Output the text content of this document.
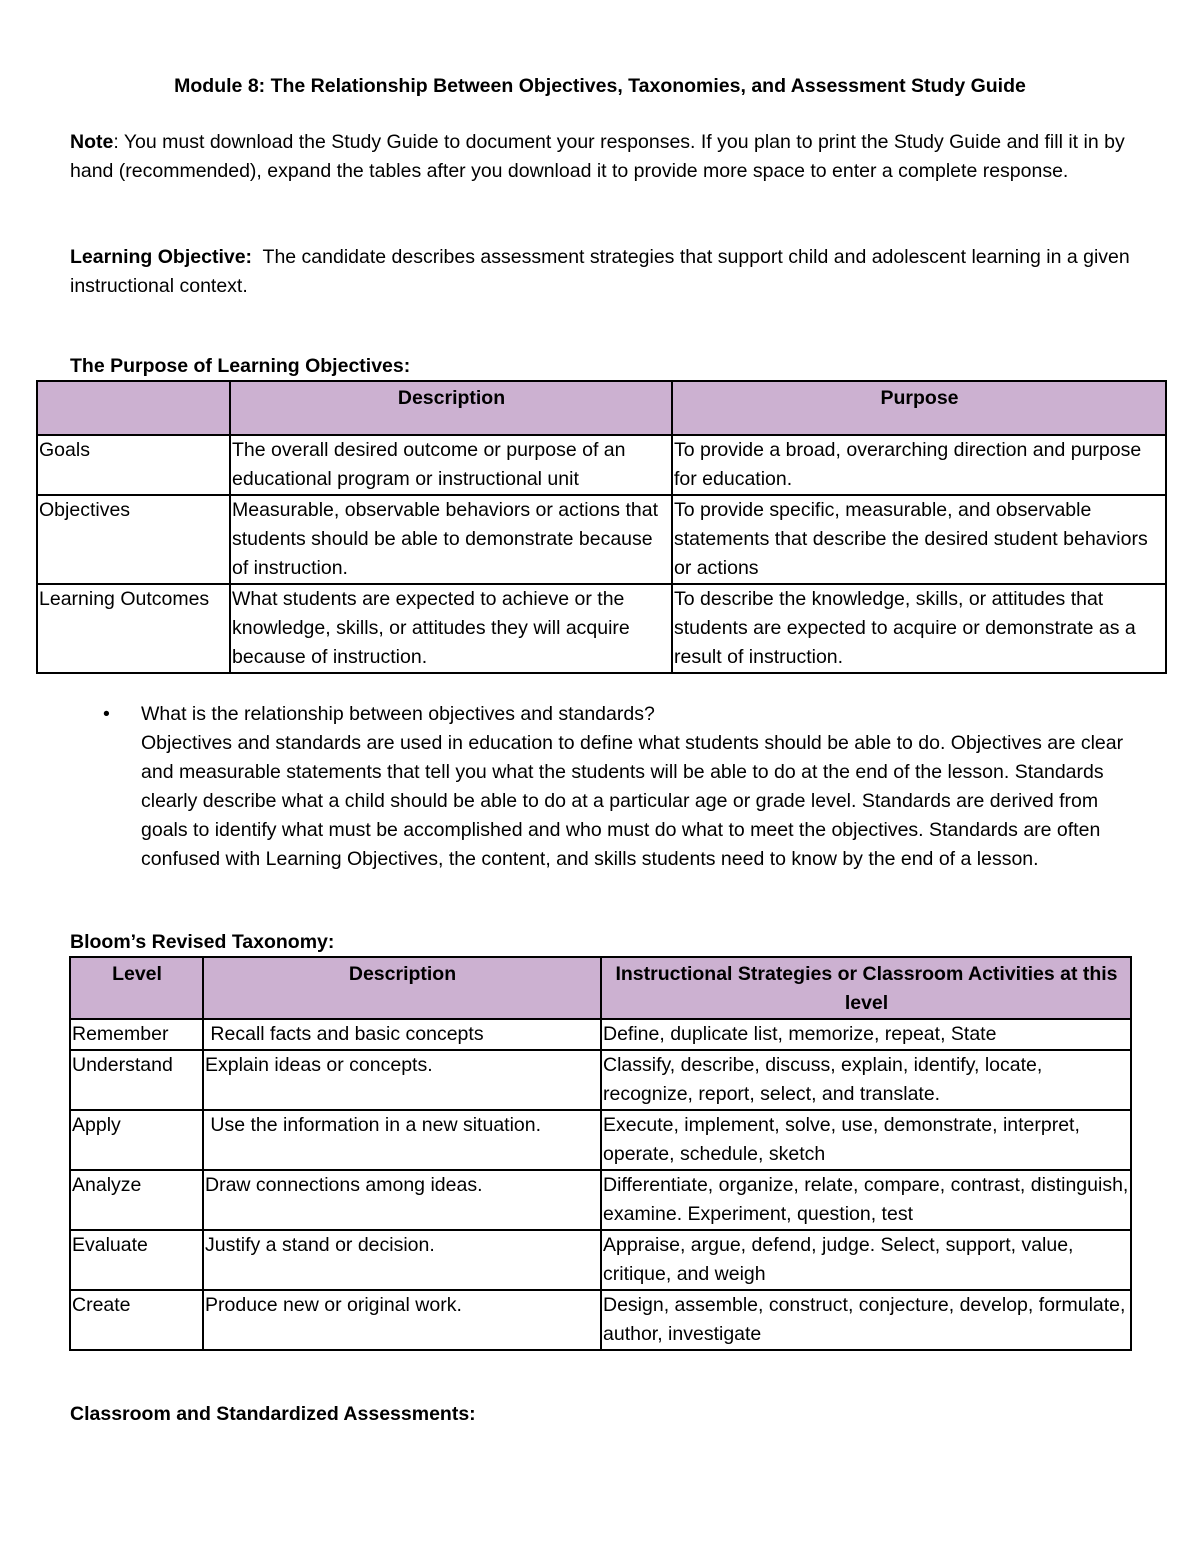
Module 8: The Relationship Between Objectives, Taxonomies, and Assessment Study Guide
Note: You must download the Study Guide to document your responses. If you plan to print the Study Guide and fill it in by hand (recommended), expand the tables after you download it to provide more space to enter a complete response.
Learning Objective:  The candidate describes assessment strategies that support child and adolescent learning in a given instructional context.
The Purpose of Learning Objectives:
	Description	Purpose
Goals	The overall desired outcome or purpose of an educational program or instructional unit	To provide a broad, overarching direction and purpose for education.
Objectives	Measurable, observable behaviors or actions that students should be able to demonstrate because of instruction.	To provide specific, measurable, and observable statements that describe the desired student behaviors or actions
Learning Outcomes	What students are expected to achieve or the knowledge, skills, or attitudes they will acquire because of instruction.	To describe the knowledge, skills, or attitudes that students are expected to acquire or demonstrate as a result of instruction.
• What is the relationship between objectives and standards?
Objectives and standards are used in education to define what students should be able to do. Objectives are clear and measurable statements that tell you what the students will be able to do at the end of the lesson. Standards clearly describe what a child should be able to do at a particular age or grade level. Standards are derived from goals to identify what must be accomplished and who must do what to meet the objectives. Standards are often confused with Learning Objectives, the content, and skills students need to know by the end of a lesson.
Bloom’s Revised Taxonomy:
Level	Description	Instructional Strategies or Classroom Activities at this level
Remember	Recall facts and basic concepts	Define, duplicate list, memorize, repeat, State
Understand	Explain ideas or concepts.	Classify, describe, discuss, explain, identify, locate, recognize, report, select, and translate.
Apply	Use the information in a new situation.	Execute, implement, solve, use, demonstrate, interpret, operate, schedule, sketch
Analyze	Draw connections among ideas.	Differentiate, organize, relate, compare, contrast, distinguish, examine. Experiment, question, test
Evaluate	Justify a stand or decision.	Appraise, argue, defend, judge. Select, support, value, critique, and weigh
Create	Produce new or original work.	Design, assemble, construct, conjecture, develop, formulate, author, investigate
Classroom and Standardized Assessments:
